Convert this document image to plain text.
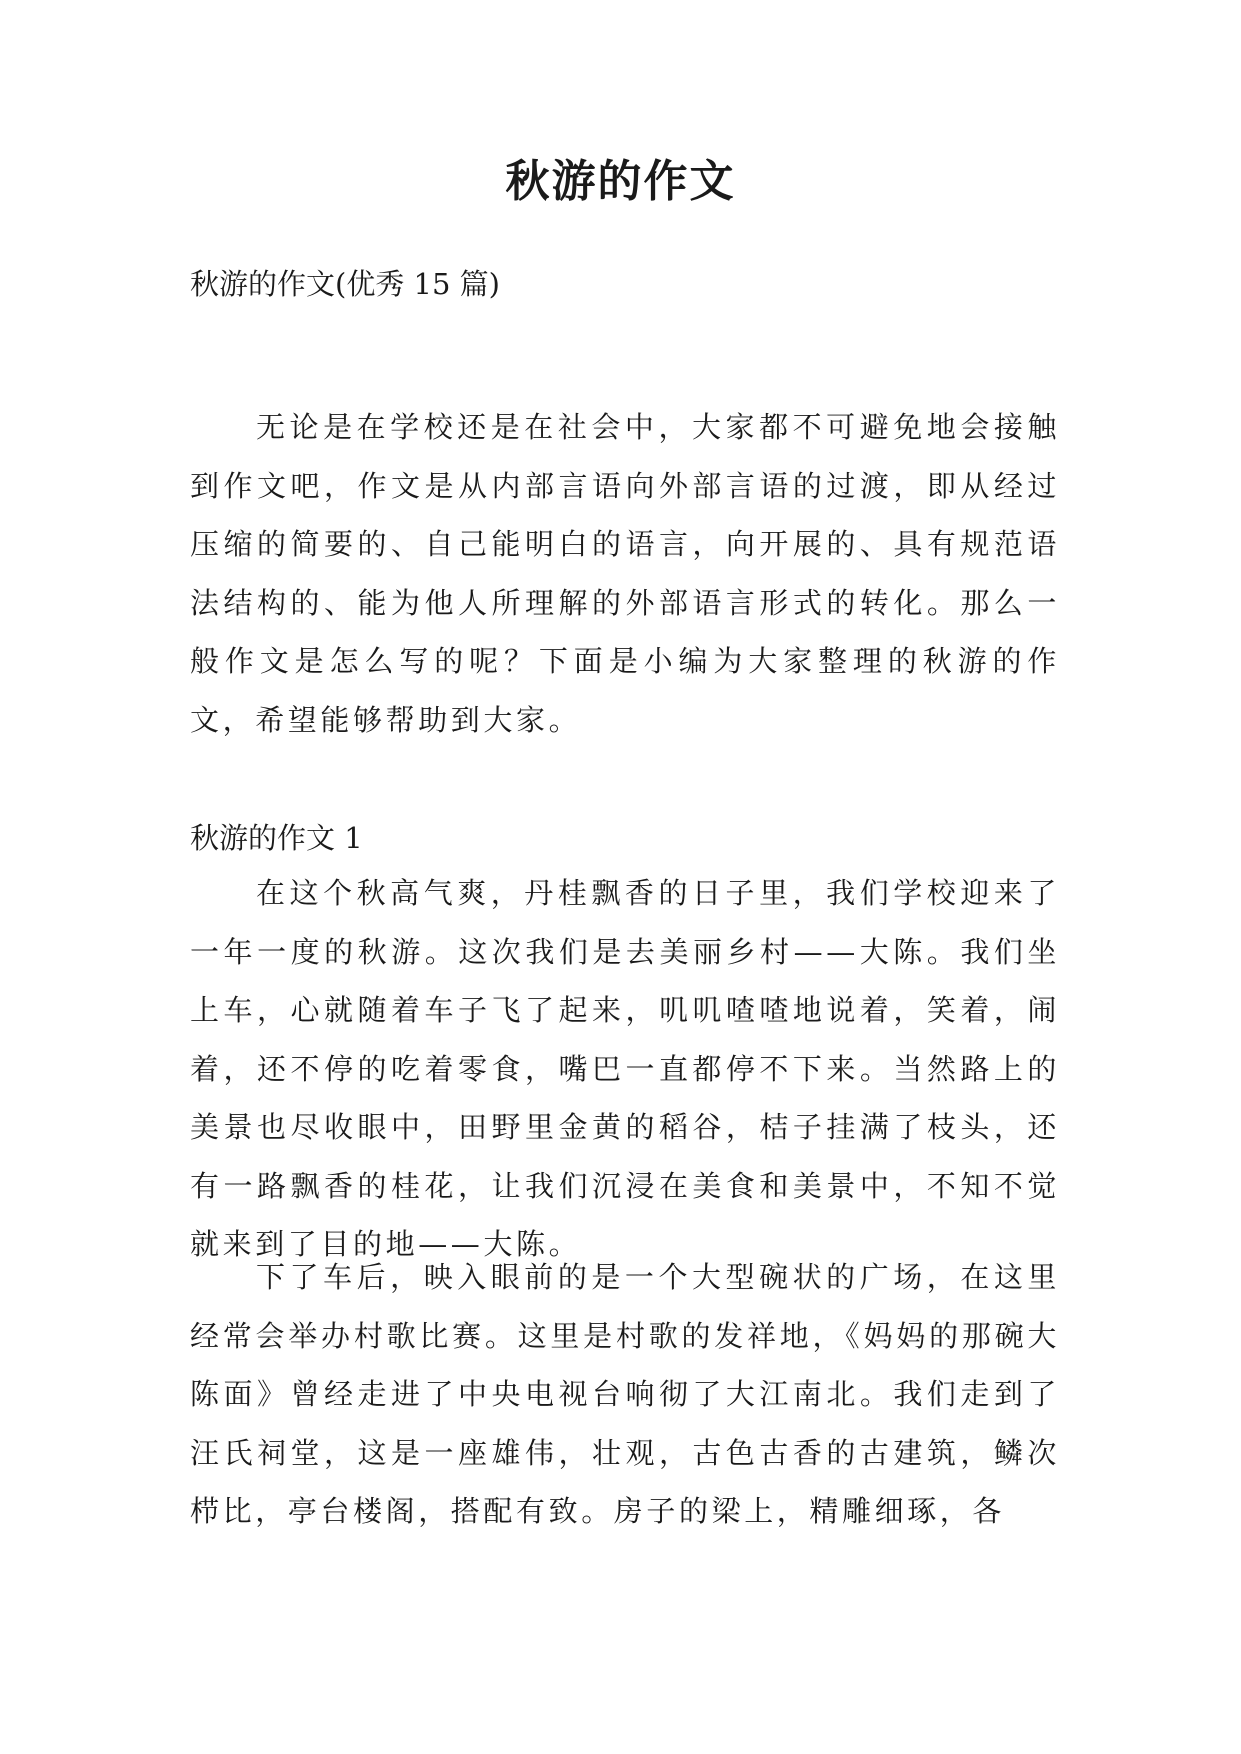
秋游的作文

秋游的作文(优秀 15 篇)

无论是在学校还是在社会中，大家都不可避免地会接触到作文吧，作文是从内部言语向外部言语的过渡，即从经过压缩的简要的、自己能明白的语言，向开展的、具有规范语法结构的、能为他人所理解的外部语言形式的转化。那么一般作文是怎么写的呢？下面是小编为大家整理的秋游的作文，希望能够帮助到大家。

秋游的作文 1

在这个秋高气爽，丹桂飘香的日子里，我们学校迎来了一年一度的秋游。这次我们是去美丽乡村——大陈。我们坐上车，心就随着车子飞了起来，叽叽喳喳地说着，笑着，闹着，还不停的吃着零食，嘴巴一直都停不下来。当然路上的美景也尽收眼中，田野里金黄的稻谷，桔子挂满了枝头，还有一路飘香的桂花，让我们沉浸在美食和美景中，不知不觉就来到了目的地——大陈。

下了车后，映入眼前的是一个大型碗状的广场，在这里经常会举办村歌比赛。这里是村歌的发祥地，《妈妈的那碗大陈面》曾经走进了中央电视台响彻了大江南北。我们走到了汪氏祠堂，这是一座雄伟，壮观，古色古香的古建筑，鳞次栉比，亭台楼阁，搭配有致。房子的梁上，精雕细琢，各
